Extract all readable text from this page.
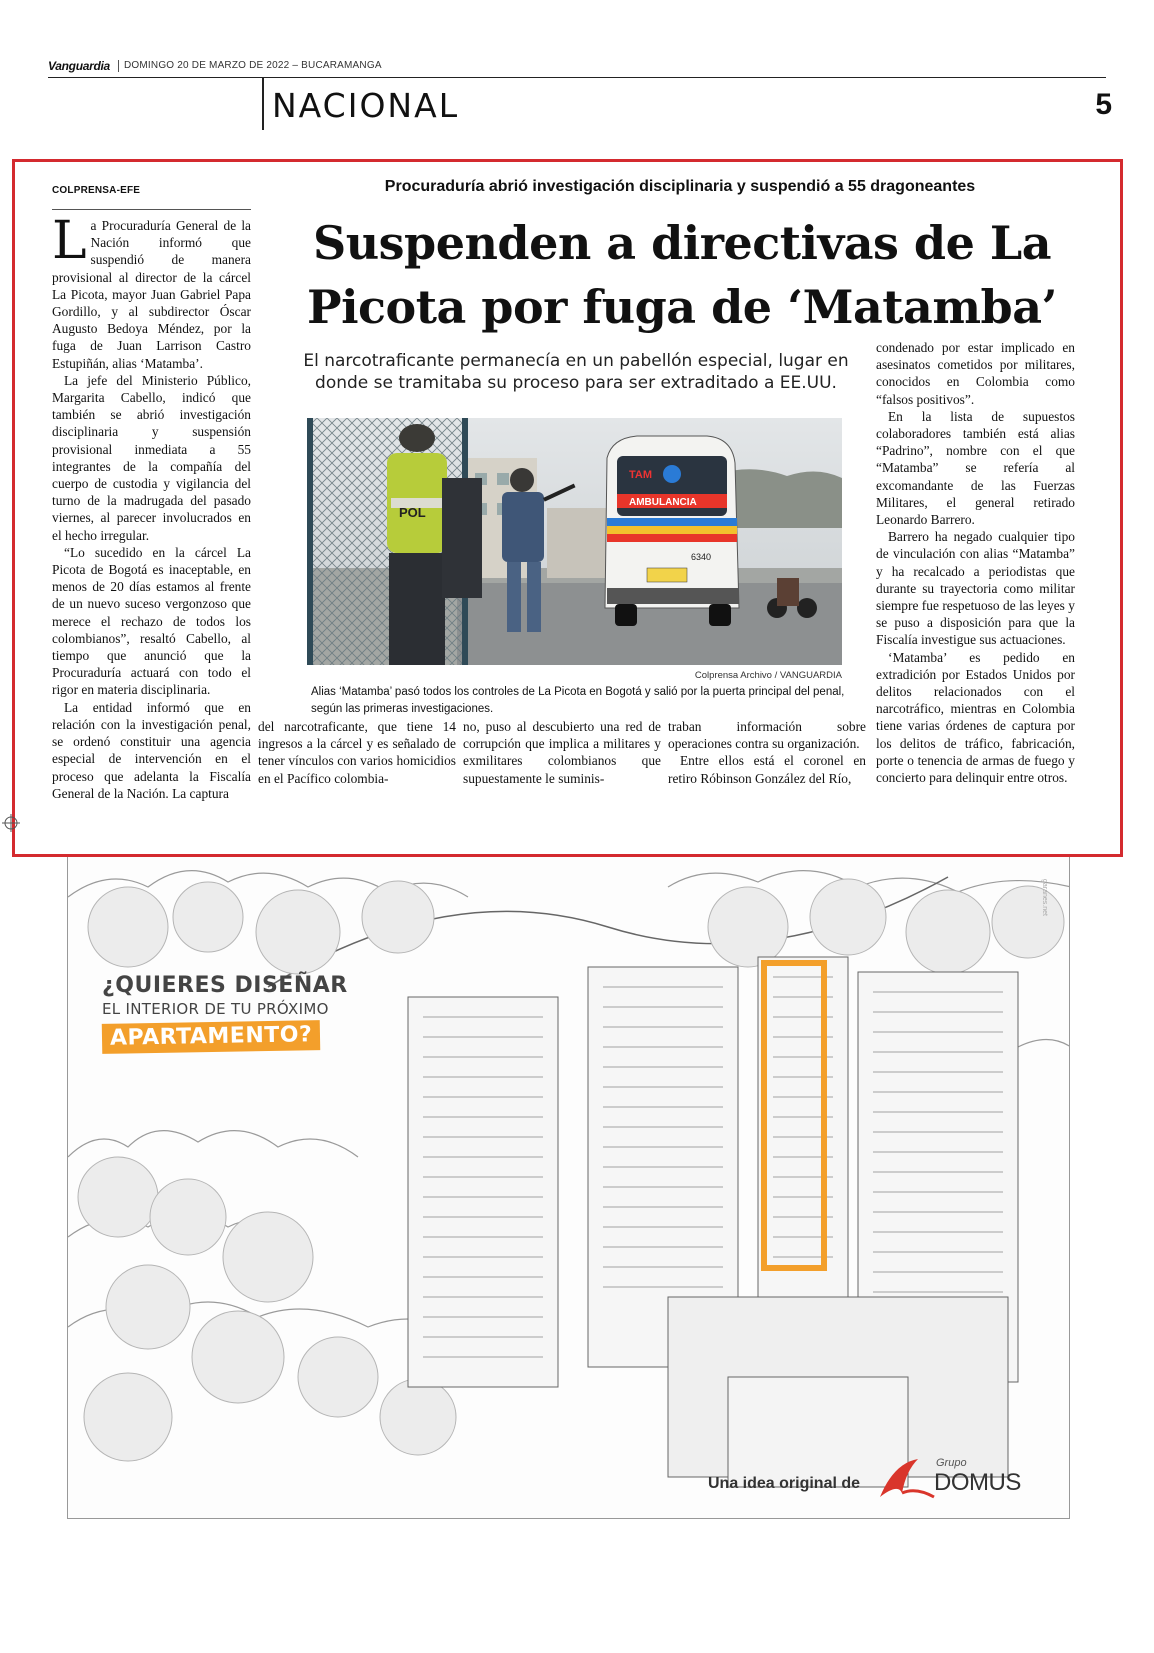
Vanguardia DOMINGO 20 DE MARZO DE 2022 – BUCARAMANGA
NACIONAL	5
COLPRENSA-EFE	Procuraduría abrió investigación disciplinaria y suspendió a 55 dragoneantes
Suspenden a directivas de La Picota por fuga de ‘Matamba’
El narcotraficante permanecía en un pabellón especial, lugar en donde se tramitaba su proceso para ser extraditado a EE.UU.

La Procuraduría General de la Nación informó que suspendió de manera provisional al director de la cárcel La Picota, mayor Juan Gabriel Papa Gordillo, y al subdirector Óscar Augusto Bedoya Méndez, por la fuga de Juan Larrison Castro Estupiñán, alias ‘Matamba’.

La jefe del Ministerio Público, Margarita Cabello, indicó que también se abrió investigación disciplinaria y suspensión provisional inmediata a 55 integrantes de la compañía del cuerpo de custodia y vigilancia del turno de la madrugada del pasado viernes, al parecer involucrados en el hecho irregular.

“Lo sucedido en la cárcel La Picota de Bogotá es inaceptable, en menos de 20 días estamos al frente de un nuevo suceso vergonzoso que merece el rechazo de todos los colombianos”, resaltó Cabello, al tiempo que anunció que la Procuraduría actuará con todo el rigor en materia disciplinaria.

La entidad informó que en relación con la investigación penal, se ordenó constituir una agencia especial de intervención en el proceso que adelanta la Fiscalía General de la Nación. La captura

POL
TAM
AMBULANCIA
6340
Colprensa Archivo / VANGUARDIA
Alias ‘Matamba’ pasó todos los controles de La Picota en Bogotá y salió por la puerta principal del penal, según las primeras investigaciones.

del narcotraficante, que tiene 14 ingresos a la cárcel y es señalado de tener vínculos con varios homicidios en el Pacífico colombia-

no, puso al descubierto una red de corrupción que implica a militares y exmilitares colombianos que supuestamente le suminis-

traban información sobre operaciones contra su organización.

Entre ellos está el coronel en retiro Róbinson González del Río,

condenado por estar implicado en asesinatos cometidos por militares, conocidos en Colombia como “falsos positivos”.

En la lista de supuestos colaboradores también está alias “Padrino”, nombre con el que “Matamba” se refería al excomandante de las Fuerzas Militares, el general retirado Leonardo Barrero.

Barrero ha negado cualquier tipo de vinculación con alias “Matamba” y ha recalcado a periodistas que durante su trayectoria como militar siempre fue respetuoso de las leyes y se puso a disposición para que la Fiscalía investigue sus actuaciones.

‘Matamba’ es pedido en extradición por Estados Unidos por delitos relacionados con el narcotráfico, mientras en Colombia tiene varias órdenes de captura por los delitos de tráfico, fabricación, porte o tenencia de armas de fuego y concierto para delinquir entre otros.

¿QUIERES DISEÑAR
EL INTERIOR DE TU PRÓXIMO
APARTAMENTO?
garanes.net
Una idea original de
Grupo
DOMUS
